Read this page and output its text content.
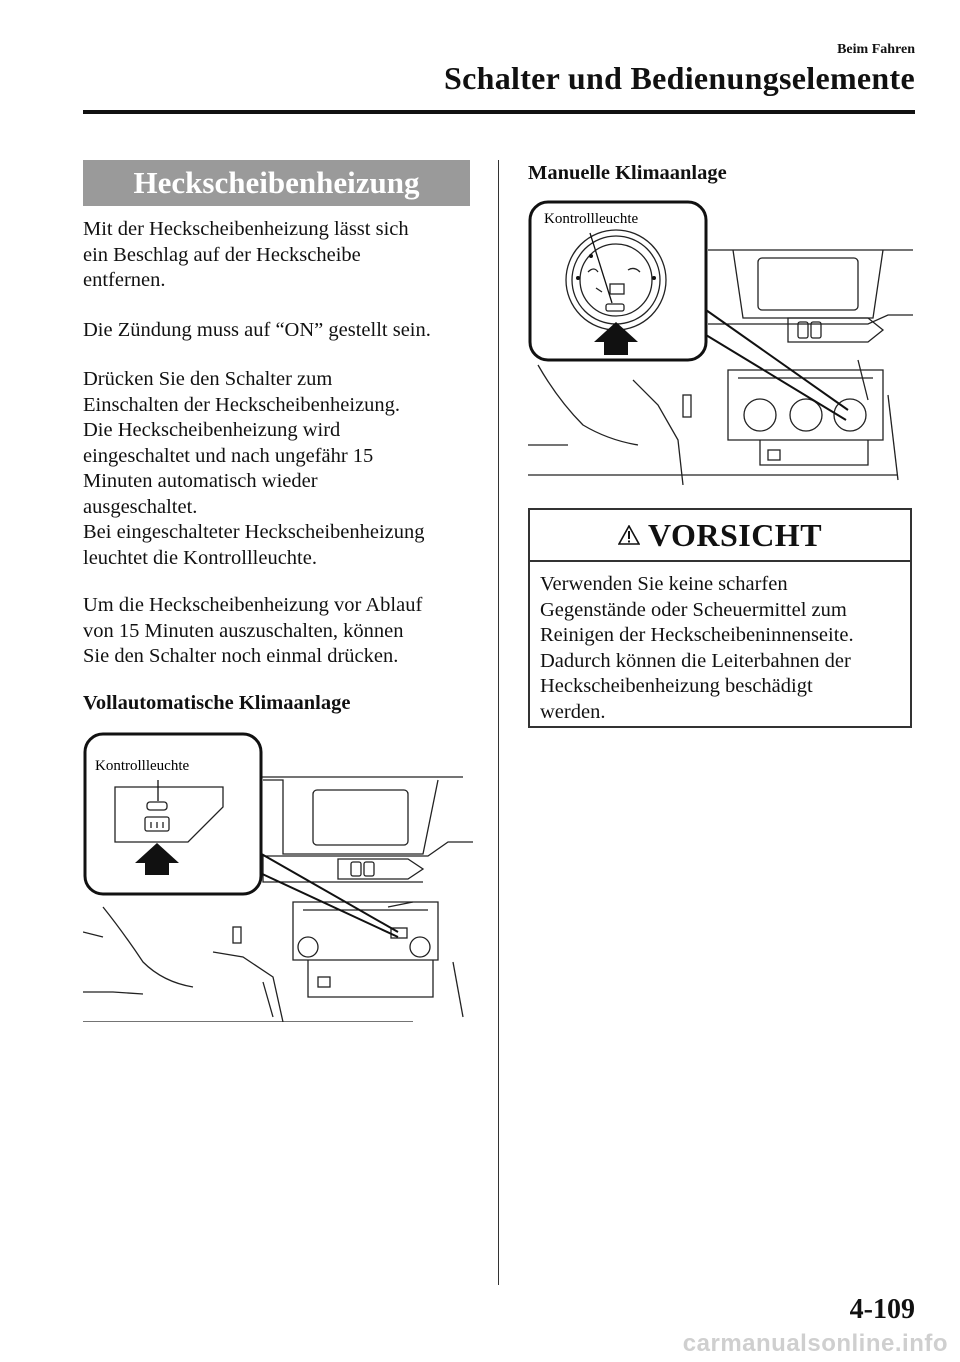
Beim Fahren
Schalter und Bedienungselemente
Heckscheibenheizung
Mit der Heckscheibenheizung lässt sich
ein Beschlag auf der Heckscheibe
entfernen.
Die Zündung muss auf “ON” gestellt sein.
Drücken Sie den Schalter zum
Einschalten der Heckscheibenheizung.
Die Heckscheibenheizung wird
eingeschaltet und nach ungefähr 15
Minuten automatisch wieder
ausgeschaltet.
Bei eingeschalteter Heckscheibenheizung
leuchtet die Kontrollleuchte.
Um die Heckscheibenheizung vor Ablauf
von 15 Minuten auszuschalten, können
Sie den Schalter noch einmal drücken.
Vollautomatische Klimaanlage
Kontrollleuchte
Manuelle Klimaanlage
Kontrollleuchte
VORSICHT
Verwenden Sie keine scharfen
Gegenstände oder Scheuermittel zum
Reinigen der Heckscheibeninnenseite.
Dadurch können die Leiterbahnen der
Heckscheibenheizung beschädigt
werden.
4-109
carmanualsonline.info
